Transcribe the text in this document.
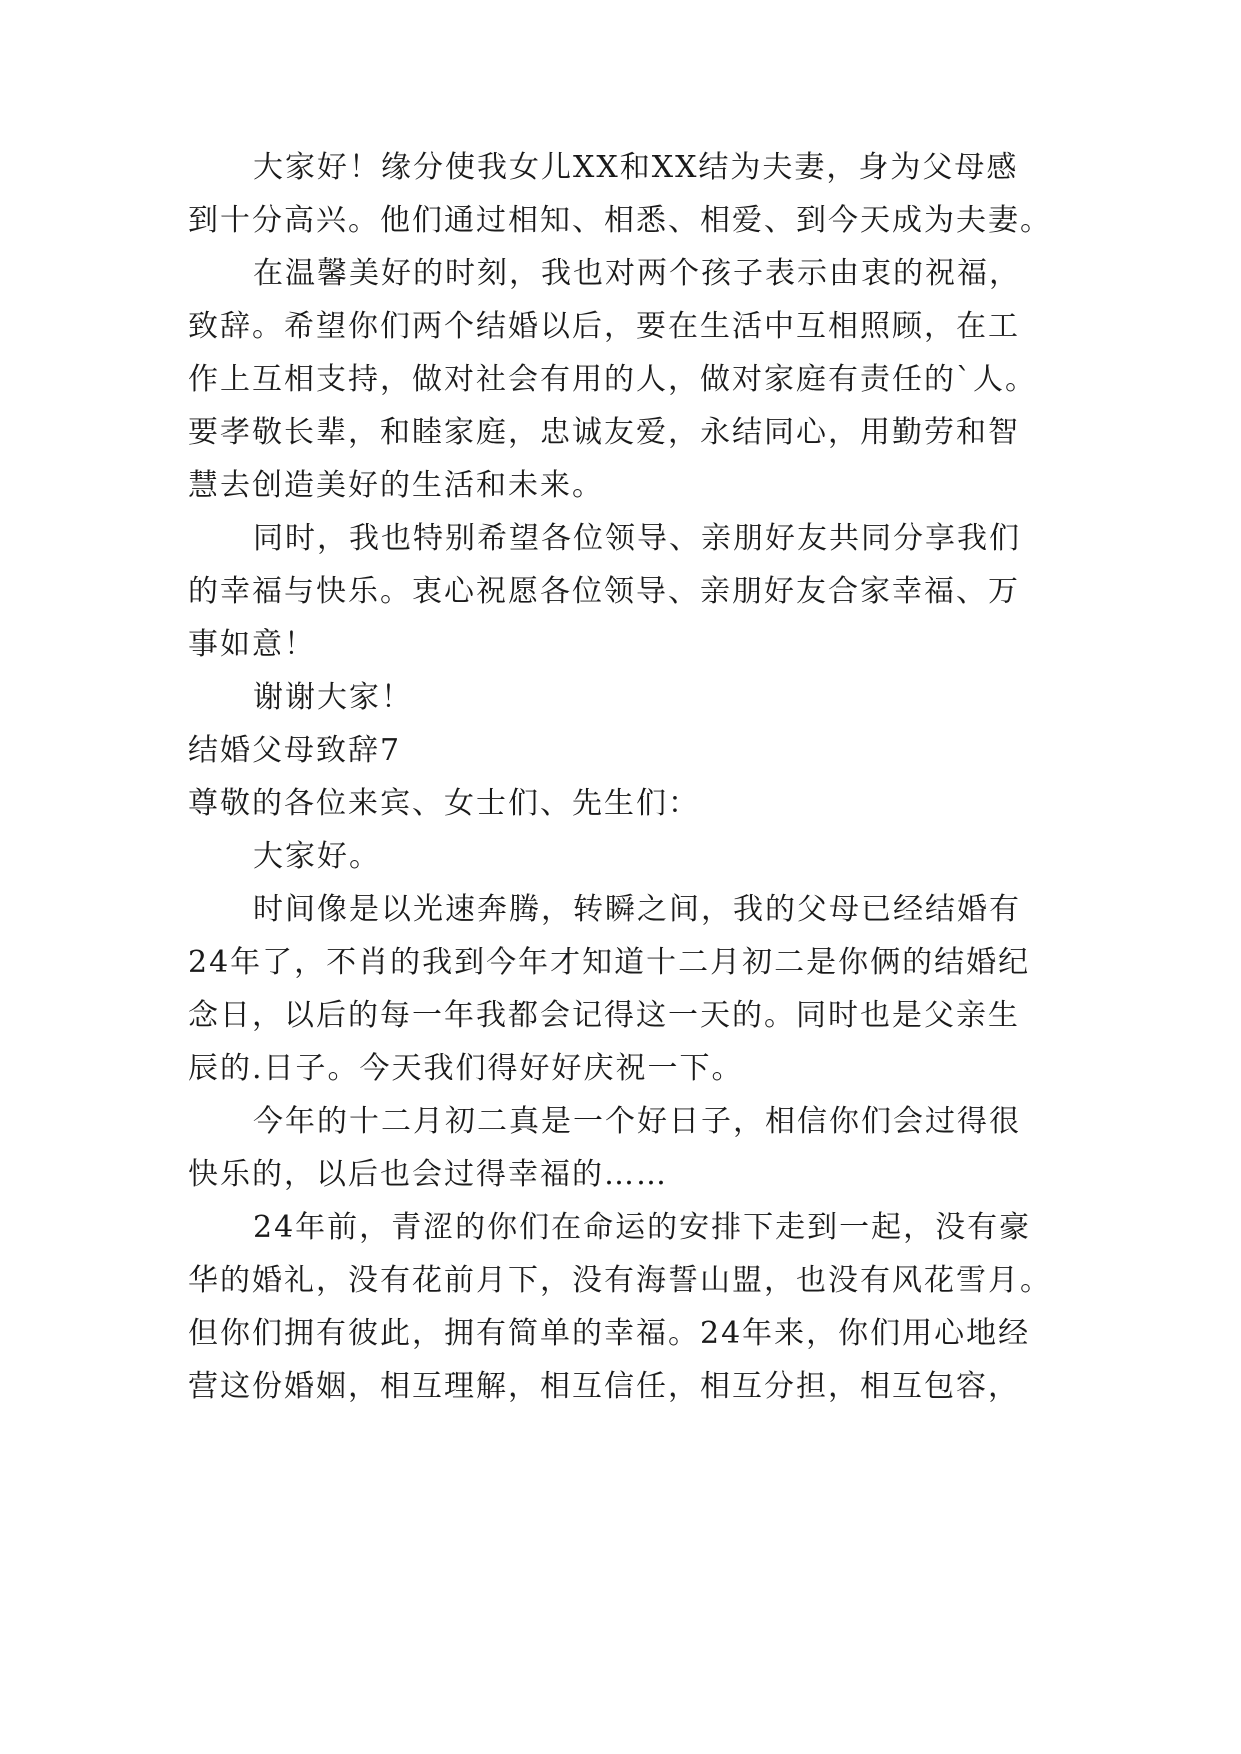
大家好！缘分使我女儿XX和XX结为夫妻，身为父母感
到十分高兴。他们通过相知、相悉、相爱、到今天成为夫妻。
在温馨美好的时刻，我也对两个孩子表示由衷的祝福，
致辞。希望你们两个结婚以后，要在生活中互相照顾，在工
作上互相支持，做对社会有用的人，做对家庭有责任的`人。
要孝敬长辈，和睦家庭，忠诚友爱，永结同心，用勤劳和智
慧去创造美好的生活和未来。
同时，我也特别希望各位领导、亲朋好友共同分享我们
的幸福与快乐。衷心祝愿各位领导、亲朋好友合家幸福、万
事如意！
谢谢大家！
结婚父母致辞7
尊敬的各位来宾、女士们、先生们：
大家好。
时间像是以光速奔腾，转瞬之间，我的父母已经结婚有
24年了，不肖的我到今年才知道十二月初二是你俩的结婚纪
念日，以后的每一年我都会记得这一天的。同时也是父亲生
辰的.日子。今天我们得好好庆祝一下。
今年的十二月初二真是一个好日子，相信你们会过得很
快乐的，以后也会过得幸福的……
24年前，青涩的你们在命运的安排下走到一起，没有豪
华的婚礼，没有花前月下，没有海誓山盟，也没有风花雪月。
但你们拥有彼此，拥有简单的幸福。24年来，你们用心地经
营这份婚姻，相互理解，相互信任，相互分担，相互包容，
